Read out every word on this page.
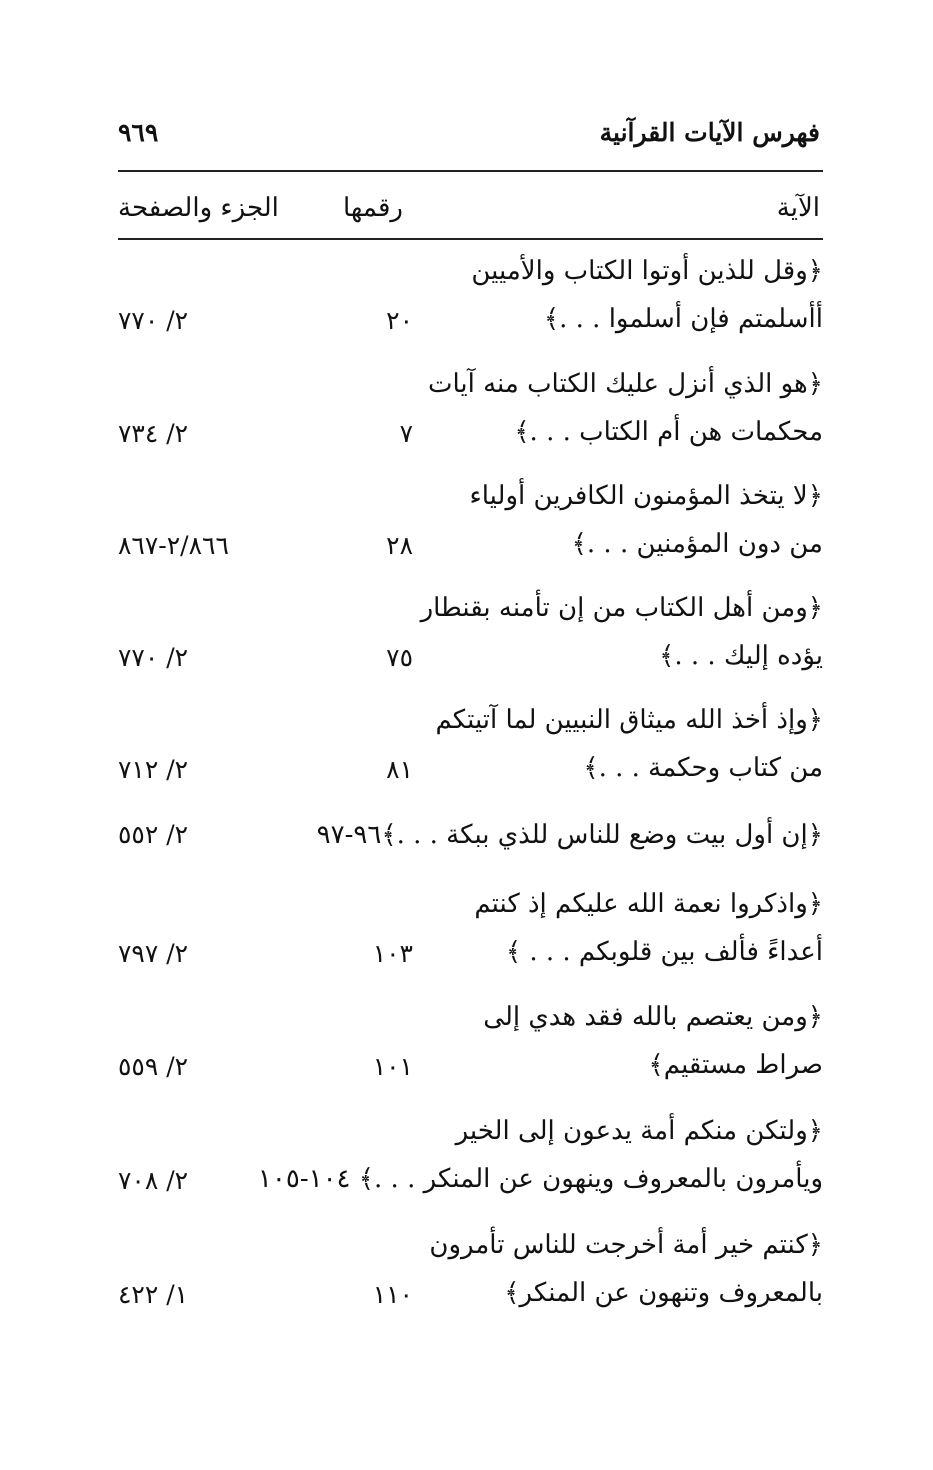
فهرس الآيات القرآنية
٩٦٩
الآية
رقمها
الجزء والصفحة
﴿وقل للذين أوتوا الكتاب والأميين
أأسلمتم فإن أسلموا . . .﴾
٢٠
٢/ ٧٧٠
﴿هو الذي أنزل عليك الكتاب منه آيات
محكمات هن أم الكتاب . . .﴾
٧
٢/ ٧٣٤
﴿لا يتخذ المؤمنون الكافرين أولياء
من دون المؤمنين . . .﴾
٢٨
٢/٨٦٦-٨٦٧
﴿ومن أهل الكتاب من إن تأمنه بقنطار
يؤده إليك . . .﴾
٧٥
٢/ ٧٧٠
﴿وإذ أخذ الله ميثاق النبيين لما آتيتكم
من كتاب وحكمة . . .﴾
٨١
٢/ ٧١٢
﴿إن أول بيت وضع للناس للذي ببكة . . .﴾٩٦-٩٧
٢/ ٥٥٢
﴿واذكروا نعمة الله عليكم إذ كنتم
أعداءً فألف بين قلوبكم . . . ﴾
١٠٣
٢/ ٧٩٧
﴿ومن يعتصم بالله فقد هدي إلى
صراط مستقيم﴾
١٠١
٢/ ٥٥٩
﴿ولتكن منكم أمة يدعون إلى الخير
ويأمرون بالمعروف وينهون عن المنكر . . .﴾ ١٠٤-١٠٥
٢/ ٧٠٨
﴿كنتم خير أمة أخرجت للناس تأمرون
بالمعروف وتنهون عن المنكر﴾
١١٠
١/ ٤٢٢
